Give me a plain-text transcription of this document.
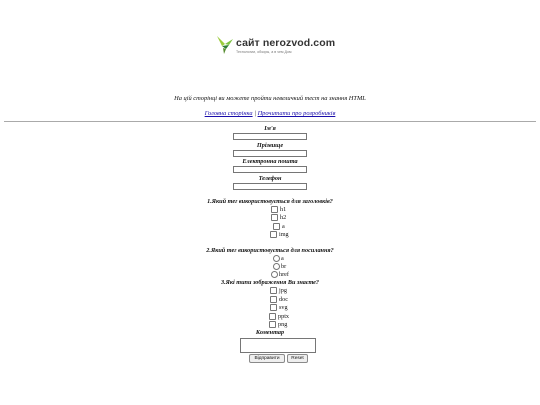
сайт nerozvod.com
Технологии, обзоры, а в чем Дом
На цій сторінці ви можете пройти невеличкий тест на знання HTML
Головна сторінка | Прочитати про розробників
Ім'я
Прізвище
Електронна пошта
Телефон
1.Який тег використовується для заголовків?
h1
h2
a
img
2.Який тег використовується для посилання?
a
br
href
3.Які типи зображення Ви знаєте?
jpg
doc
svg
pptx
png
Коментар
Відправити	Reset
